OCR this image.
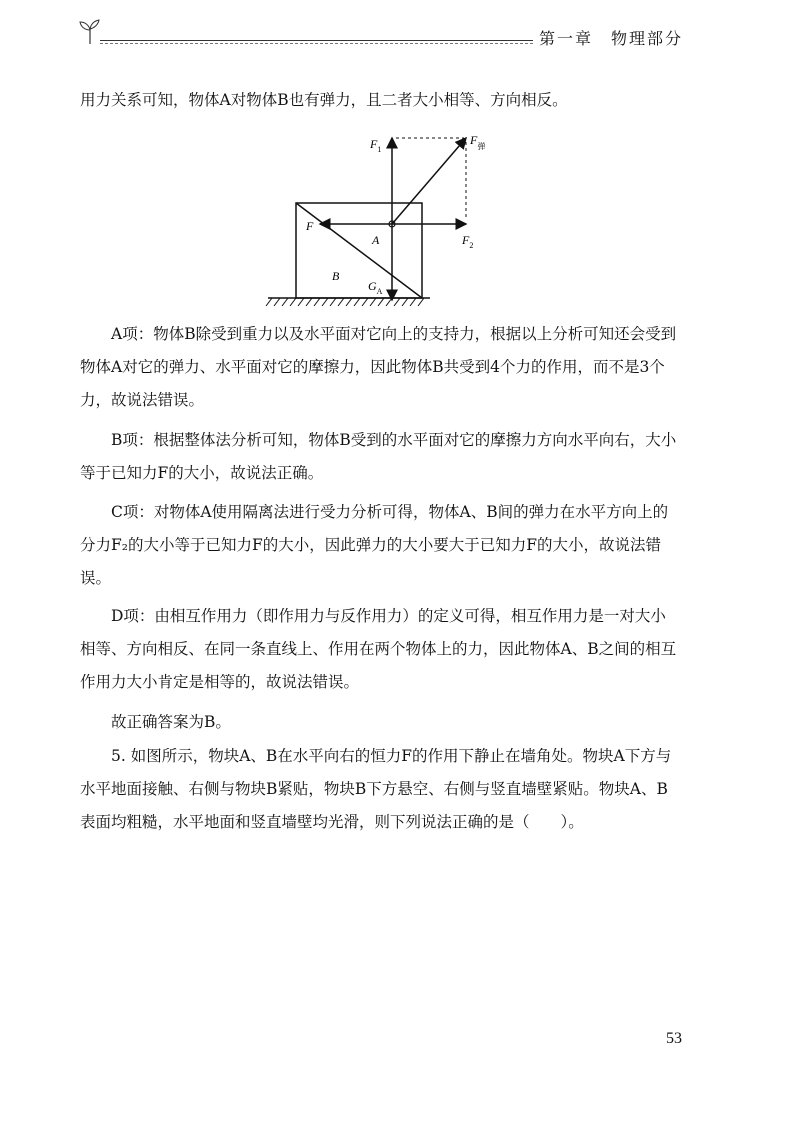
第一章　物理部分

用力关系可知，物体A对物体B也有弹力，且二者大小相等、方向相反。

$F_1$
$F_弹$
F
A	$F_2$
B
$G_A$

A项：物体B除受到重力以及水平面对它向上的支持力，根据以上分析可知还会受到物体A对它的弹力、水平面对它的摩擦力，因此物体B共受到4个力的作用，而不是3个力，故说法错误。

B项：根据整体法分析可知，物体B受到的水平面对它的摩擦力方向水平向右，大小等于已知力F的大小，故说法正确。

C项：对物体A使用隔离法进行受力分析可得，物体A、B间的弹力在水平方向上的分力F₂的大小等于已知力F的大小，因此弹力的大小要大于已知力F的大小，故说法错误。

D项：由相互作用力（即作用力与反作用力）的定义可得，相互作用力是一对大小相等、方向相反、在同一条直线上、作用在两个物体上的力，因此物体A、B之间的相互作用力大小肯定是相等的，故说法错误。

故正确答案为B。

5. 如图所示，物块A、B在水平向右的恒力F的作用下静止在墙角处。物块A下方与水平地面接触、右侧与物块B紧贴，物块B下方悬空、右侧与竖直墙壁紧贴。物块A、B表面均粗糙，水平地面和竖直墙壁均光滑，则下列说法正确的是（　　）。

53
